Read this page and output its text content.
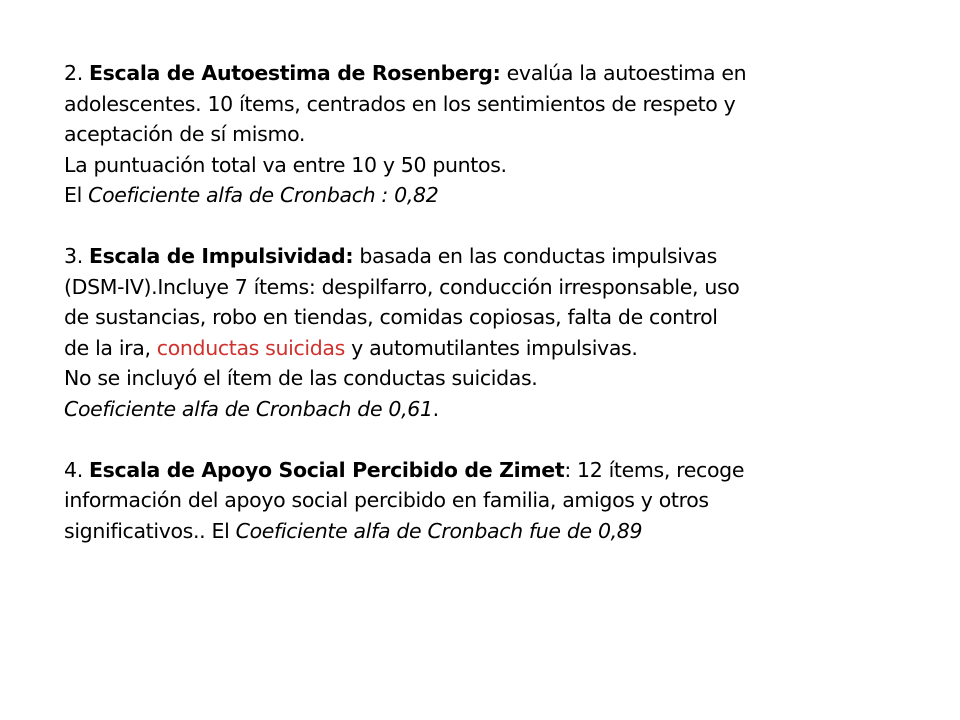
2. Escala de Autoestima de Rosenberg: evalúa la autoestima en
adolescentes. 10 ítems, centrados en los sentimientos de respeto y
aceptación de sí mismo.
La puntuación total va entre 10 y 50 puntos.
El Coeficiente alfa de Cronbach : 0,82
3. Escala de Impulsividad: basada en las conductas impulsivas
(DSM-IV).Incluye 7 ítems: despilfarro, conducción irresponsable, uso
de sustancias, robo en tiendas, comidas copiosas, falta de control
de la ira, conductas suicidas y automutilantes impulsivas.
No se incluyó el ítem de las conductas suicidas.
Coeficiente alfa de Cronbach de 0,61.
4. Escala de Apoyo Social Percibido de Zimet: 12 ítems, recoge
información del apoyo social percibido en familia, amigos y otros
significativos.. El Coeficiente alfa de Cronbach fue de 0,89
